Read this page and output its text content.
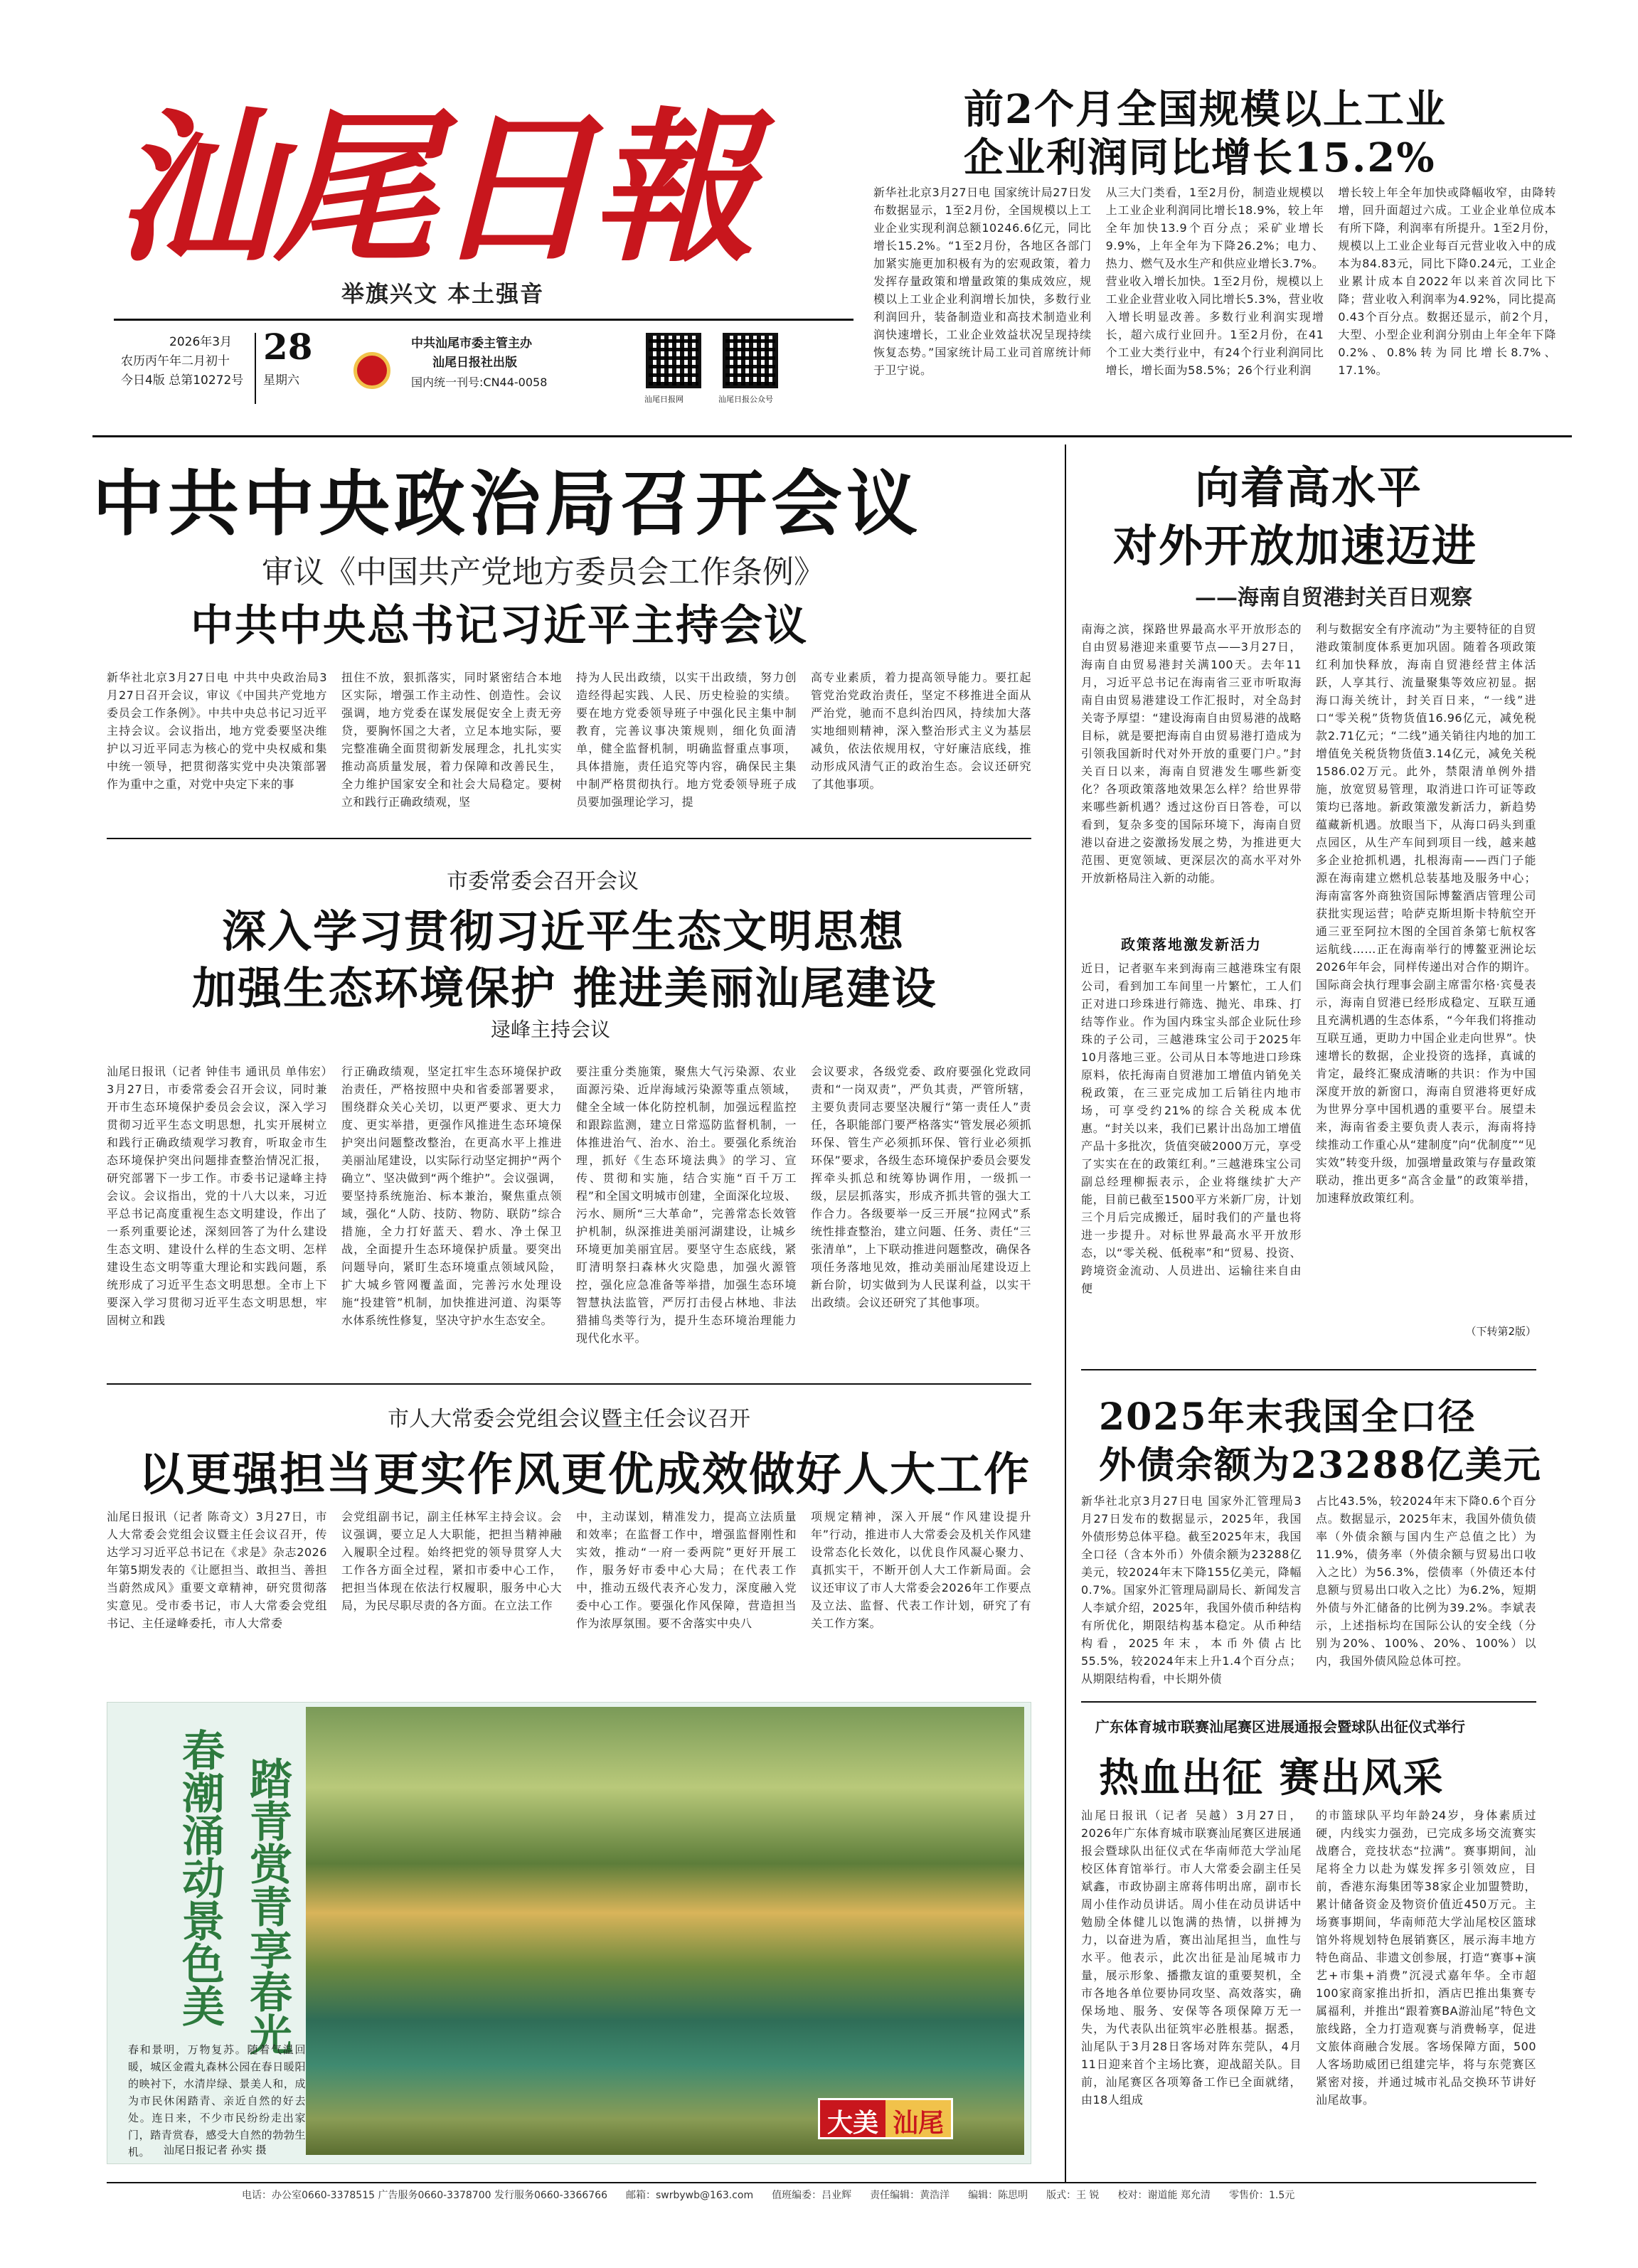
汕尾日報
举旗兴文 本土强音
2026年3月
农历丙午年二月初十
今日4版 总第10272号
28
星期六
中共汕尾市委主管主办
汕尾日报社出版
国内统一刊号:CN44-0058
汕尾日报网	汕尾日报公众号
前2个月全国规模以上工业
企业利润同比增长15.2%
新华社北京3月27日电 国家统计局27日发布数据显示，1至2月份，全国规模以上工业企业实现利润总额10246.6亿元，同比增长15.2%。“1至2月份，各地区各部门加紧实施更加积极有为的宏观政策，着力发挥存量政策和增量政策的集成效应，规模以上工业企业利润增长加快，多数行业利润回升，装备制造业和高技术制造业利润快速增长，工业企业效益状况呈现持续恢复态势。”国家统计局工业司首席统计师于卫宁说。
从三大门类看，1至2月份，制造业规模以上工业企业利润同比增长18.9%，较上年全年加快13.9个百分点；采矿业增长9.9%，上年全年为下降26.2%；电力、热力、燃气及水生产和供应业增长3.7%。营业收入增长加快。1至2月份，规模以上工业企业营业收入同比增长5.3%，营业收入增长明显改善。多数行业利润实现增长，超六成行业回升。1至2月份，在41个工业大类行业中，有24个行业利润同比增长，增长面为58.5%；26个行业利润
增长较上年全年加快或降幅收窄，由降转增，回升面超过六成。工业企业单位成本有所下降，利润率有所提升。1至2月份，规模以上工业企业每百元营业收入中的成本为84.83元，同比下降0.24元，工业企业累计成本自2022年以来首次同比下降；营业收入利润率为4.92%，同比提高0.43个百分点。数据还显示，前2个月，大型、小型企业利润分别由上年全年下降0.2%、0.8%转为同比增长8.7%、17.1%。
中共中央政治局召开会议
审议《中国共产党地方委员会工作条例》
中共中央总书记习近平主持会议
新华社北京3月27日电 中共中央政治局3月27日召开会议，审议《中国共产党地方委员会工作条例》。中共中央总书记习近平主持会议。会议指出，地方党委要坚决维护以习近平同志为核心的党中央权威和集中统一领导，把贯彻落实党中央决策部署作为重中之重，对党中央定下来的事
扭住不放，狠抓落实，同时紧密结合本地区实际，增强工作主动性、创造性。会议强调，地方党委在谋发展促安全上责无旁贷，要胸怀国之大者，立足本地实际，要完整准确全面贯彻新发展理念，扎扎实实推动高质量发展，着力保障和改善民生，全力维护国家安全和社会大局稳定。要树立和践行正确政绩观，坚
持为人民出政绩，以实干出政绩，努力创造经得起实践、人民、历史检验的实绩。要在地方党委领导班子中强化民主集中制教育，完善议事决策规则，细化负面清单，健全监督机制，明确监督重点事项，具体措施，责任追究等内容，确保民主集中制严格贯彻执行。地方党委领导班子成员要加强理论学习，提
高专业素质，着力提高领导能力。要扛起管党治党政治责任，坚定不移推进全面从严治党，驰而不息纠治四风，持续加大落实地细则精神，深入整治形式主义为基层减负，依法依规用权，守好廉洁底线，推动形成风清气正的政治生态。会议还研究了其他事项。
市委常委会召开会议
深入学习贯彻习近平生态文明思想
加强生态环境保护 推进美丽汕尾建设
逯峰主持会议
汕尾日报讯（记者 钟佳韦 通讯员 单伟宏）3月27日，市委常委会召开会议，同时兼开市生态环境保护委员会会议，深入学习贯彻习近平生态文明思想，扎实开展树立和践行正确政绩观学习教育，听取金市生态环境保护突出问题排查整治情况汇报，研究部署下一步工作。市委书记逯峰主持会议。会议指出，党的十八大以来，习近平总书记高度重视生态文明建设，作出了一系列重要论述，深刻回答了为什么建设生态文明、建设什么样的生态文明、怎样建设生态文明等重大理论和实践问题，系统形成了习近平生态文明思想。全市上下要深入学习贯彻习近平生态文明思想，牢固树立和践
行正确政绩观，坚定扛牢生态环境保护政治责任，严格按照中央和省委部署要求，围绕群众关心关切，以更严要求、更大力度、更实举措，更强作风推进生态环境保护突出问题整改整治，在更高水平上推进美丽汕尾建设，以实际行动坚定拥护“两个确立”、坚决做到“两个维护”。会议强调，要坚持系统施治、标本兼治，聚焦重点领域，强化“人防、技防、物防、联防”综合措施，全力打好蓝天、碧水、净土保卫战，全面提升生态环境保护质量。要突出问题导向，紧盯生态环境重点领域风险，扩大城乡管网覆盖面，完善污水处理设施“投建管”机制，加快推进河道、沟渠等水体系统性修复，坚决守护水生态安全。
要注重分类施策，聚焦大气污染源、农业面源污染、近岸海域污染源等重点领域，健全全域一体化防控机制，加强远程监控和跟踪监测，建立日常巡防监督机制，一体推进治气、治水、治土。要强化系统治理，抓好《生态环境法典》的学习、宣传、贯彻和实施，结合实施“百千万工程”和全国文明城市创建，全面深化垃圾、污水、厕所“三大革命”，完善常态长效管护机制，纵深推进美丽河湖建设，让城乡环境更加美丽宜居。要坚守生态底线，紧盯清明祭扫森林火灾隐患，加强火源管控，强化应急准备等举措，加强生态环境智慧执法监管，严厉打击侵占林地、非法猎捕鸟类等行为，提升生态环境治理能力现代化水平。
会议要求，各级党委、政府要强化党政同责和“一岗双责”，严负其责，严管所辖，主要负责同志要坚决履行“第一责任人”责任，各职能部门要严格落实“管发展必须抓环保、管生产必须抓环保、管行业必须抓环保”要求，各级生态环境保护委员会要发挥牵头抓总和统筹协调作用，一级抓一级，层层抓落实，形成齐抓共管的强大工作合力。各级要举一反三开展“拉网式”系统性排查整治，建立问题、任务、责任“三张清单”，上下联动推进问题整改，确保各项任务落地见效，推动美丽汕尾建设迈上新台阶，切实做到为人民谋利益，以实干出政绩。会议还研究了其他事项。
市人大常委会党组会议暨主任会议召开
以更强担当更实作风更优成效做好人大工作
汕尾日报讯（记者 陈奇文）3月27日，市人大常委会党组会议暨主任会议召开，传达学习习近平总书记在《求是》杂志2026年第5期发表的《让愿担当、敢担当、善担当蔚然成风》重要文章精神，研究贯彻落实意见。受市委书记，市人大常委会党组书记、主任逯峰委托，市人大常委
会党组副书记，副主任林军主持会议。会议强调，要立足人大职能，把担当精神融入履职全过程。始终把党的领导贯穿人大工作各方面全过程，紧扣市委中心工作，把担当体现在依法行权履职，服务中心大局，为民尽职尽责的各方面。在立法工作
中，主动谋划，精准发力，提高立法质量和效率；在监督工作中，增强监督刚性和实效，推动“一府一委两院”更好开展工作，服务好市委中心大局；在代表工作中，推动五级代表齐心发力，深度融入党委中心工作。要强化作风保障，营造担当作为浓厚氛围。要不舍落实中央八
项规定精神，深入开展“作风建设提升年”行动，推进市人大常委会及机关作风建设常态化长效化，以优良作风凝心聚力、真抓实干，不断开创人大工作新局面。会议还审议了市人大常委会2026年工作要点及立法、监督、代表工作计划，研究了有关工作方案。
春潮涌动景色美 踏青赏青享春光
春和景明，万物复苏。随着气温回暖，城区金霞丸森林公园在春日暖阳的映衬下，水清岸绿、景美人和，成为市民休闲踏青、亲近自然的好去处。连日来，不少市民纷纷走出家门，踏青赏春，感受大自然的勃勃生机。	汕尾日报记者 孙实 摄
大美 汕尾
向着高水平
对外开放加速迈进
——海南自贸港封关百日观察
南海之滨，探路世界最高水平开放形态的自由贸易港迎来重要节点——3月27日，海南自由贸易港封关满100天。去年11月，习近平总书记在海南省三亚市听取海南自由贸易港建设工作汇报时，对全岛封关寄予厚望：“建设海南自由贸易港的战略目标，就是要把海南自由贸易港打造成为引领我国新时代对外开放的重要门户。”封关百日以来，海南自贸港发生哪些新变化？各项政策落地效果怎么样？给世界带来哪些新机遇？透过这份百日答卷，可以看到，复杂多变的国际环境下，海南自贸港以奋进之姿激扬发展之势，为推进更大范围、更宽领域、更深层次的高水平对外开放新格局注入新的动能。
政策落地激发新活力
近日，记者驱车来到海南三越港珠宝有限公司，看到加工车间里一片繁忙，工人们正对进口珍珠进行筛选、抛光、串珠、打结等作业。作为国内珠宝头部企业阮仕珍珠的子公司，三越港珠宝公司于2025年10月落地三亚。公司从日本等地进口珍珠原料，依托海南自贸港加工增值内销免关税政策，在三亚完成加工后销往内地市场，可享受约21%的综合关税成本优惠。“封关以来，我们已累计出岛加工增值产品十多批次，货值突破2000万元，享受了实实在在的政策红利。”三越港珠宝公司副总经理柳振表示，企业将继续扩大产能，目前已截至1500平方米新厂房，计划三个月后完成搬迁，届时我们的产量也将进一步提升。对标世界最高水平开放形态，以“零关税、低税率”和“贸易、投资、跨境资金流动、人员进出、运输往来自由便
利与数据安全有序流动”为主要特征的自贸港政策制度体系更加巩固。随着各项政策红利加快释放，海南自贸港经营主体活跃，人享其行、流量聚集等效应初显。据海口海关统计，封关百日来，“一线”进口“零关税”货物货值16.96亿元，减免税款2.71亿元；“二线”通关销往内地的加工增值免关税货物货值3.14亿元，减免关税1586.02万元。此外，禁限清单例外措施，放宽贸易管理，取消进口许可证等政策均已落地。新政策激发新活力，新趋势蕴藏新机遇。放眼当下，从海口码头到重点园区，从生产车间到项目一线，越来越多企业抢抓机遇，扎根海南——西门子能源在海南建立燃机总装基地及服务中心；海南富客外商独资国际博鳌酒店管理公司获批实现运营；哈萨克斯坦斯卡特航空开通三亚至阿拉木图的全国首条第七航权客运航线……正在海南举行的博鳌亚洲论坛2026年年会，同样传递出对合作的期许。国际商会执行理事会副主席雷尔格·宾曼表示，海南自贸港已经形成稳定、互联互通且充满机遇的生态体系，“今年我们将推动互联互通，更助力中国企业走向世界”。快速增长的数据，企业投资的选择，真诚的肯定，最终汇聚成清晰的共识：作为中国深度开放的新窗口，海南自贸港将更好成为世界分享中国机遇的重要平台。展望未来，海南省委主要负责人表示，海南将持续推动工作重心从“建制度”向“优制度”“见实效”转变升级，加强增量政策与存量政策联动，推出更多“高含金量”的政策举措，加速释放政策红利。
（下转第2版）
2025年末我国全口径
外债余额为23288亿美元
新华社北京3月27日电 国家外汇管理局3月27日发布的数据显示，2025年，我国外债形势总体平稳。截至2025年末，我国全口径（含本外币）外债余额为23288亿美元，较2024年末下降155亿美元，降幅0.7%。国家外汇管理局副局长、新闻发言人李斌介绍，2025年，我国外债币种结构有所优化，期限结构基本稳定。从币种结构看，2025年末，本币外债占比55.5%，较2024年末上升1.4个百分点；从期限结构看，中长期外债
占比43.5%，较2024年末下降0.6个百分点。数据显示，2025年末，我国外债负债率（外债余额与国内生产总值之比）为11.9%，债务率（外债余额与贸易出口收入之比）为56.3%，偿债率（外债还本付息额与贸易出口收入之比）为6.2%，短期外债与外汇储备的比例为39.2%。李斌表示，上述指标均在国际公认的安全线（分别为20%、100%、20%、100%）以内，我国外债风险总体可控。
广东体育城市联赛汕尾赛区进展通报会暨球队出征仪式举行
热血出征 赛出风采
汕尾日报讯（记者 吴越）3月27日，2026年广东体育城市联赛汕尾赛区进展通报会暨球队出征仪式在华南师范大学汕尾校区体育馆举行。市人大常委会副主任吴斌鑫，市政协副主席蒋伟明出席，副市长周小佳作动员讲话。周小佳在动员讲话中勉励全体健儿以饱满的热情，以拼搏为力，以奋进为盾，赛出汕尾担当，血性与水平。他表示，此次出征是汕尾城市力量，展示形象、播撒友谊的重要契机，全市各地各单位要协同攻坚、高效落实，确保场地、服务、安保等各项保障万无一失，为代表队出征筑牢必胜根基。据悉，汕尾队于3月28日客场对阵东莞队，4月11日迎来首个主场比赛，迎战韶关队。目前，汕尾赛区各项筹备工作已全面就绪，由18人组成
的市篮球队平均年龄24岁，身体素质过硬，内线实力强劲，已完成多场交流赛实战磨合，竞技状态“拉满”。赛事期间，汕尾将全力以赴为媒发挥多引领效应，目前，香港东海集团等38家企业加盟赞助，累计储备资金及物资价值近450万元。主场赛事期间，华南师范大学汕尾校区篮球馆外将规划特色展销赛区，展示海丰地方特色商品、非遗文创参展，打造“赛事+演艺+市集+消费”沉浸式嘉年华。全市超100家商家推出折扣，酒店巴推出集赛专属福利，并推出“跟着赛BA游汕尾”特色文旅线路，全力打造观赛与消费畅享，促进文旅体商融合发展。客场保障方面，500人客场助威团已组建完毕，将与东莞赛区紧密对接，并通过城市礼品交换环节讲好汕尾故事。
电话：办公室0660-3378515 广告服务0660-3378700 发行服务0660-3366766 邮箱：swrbywb@163.com 值班编委：吕业辉 责任编辑：黄浩洋 编辑：陈思明 版式：王 锐 校对：谢道能 郑允清 零售价：1.5元
